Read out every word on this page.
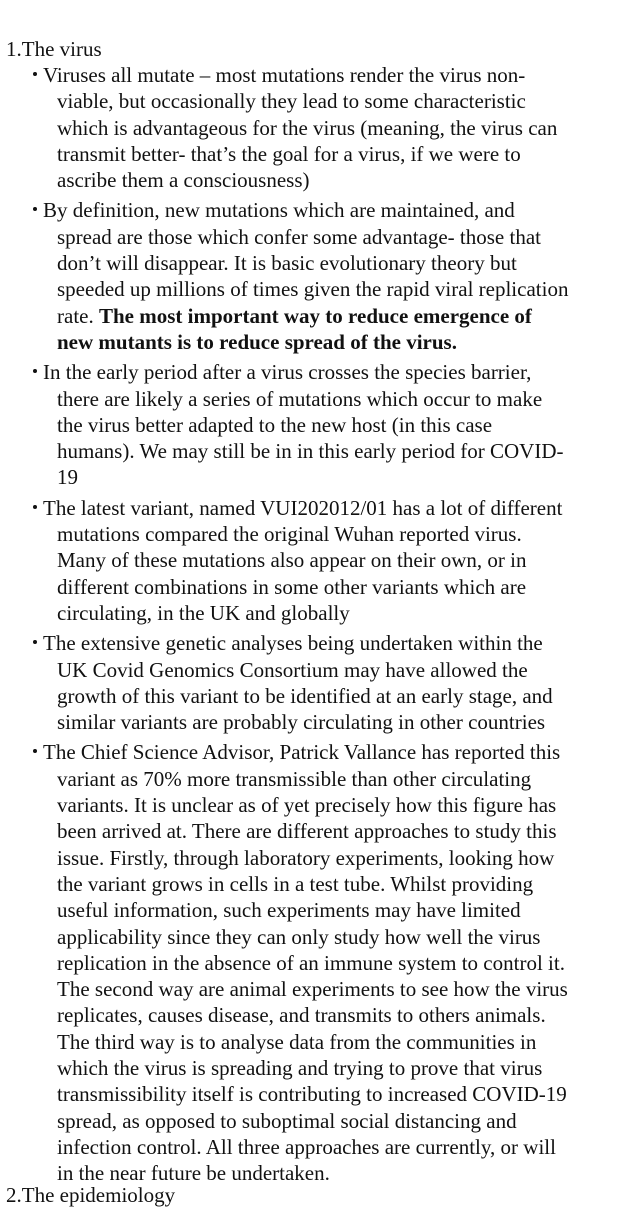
1.The virus
Viruses all mutate – most mutations render the virus non-
viable, but occasionally they lead to some characteristic
which is advantageous for the virus (meaning, the virus can
transmit better- that’s the goal for a virus, if we were to
ascribe them a consciousness)
By definition, new mutations which are maintained, and
spread are those which confer some advantage- those that
don’t will disappear. It is basic evolutionary theory but
speeded up millions of times given the rapid viral replication
rate. The most important way to reduce emergence of
new mutants is to reduce spread of the virus.
In the early period after a virus crosses the species barrier,
there are likely a series of mutations which occur to make
the virus better adapted to the new host (in this case
humans). We may still be in in this early period for COVID-
19
The latest variant, named VUI202012/01 has a lot of different
mutations compared the original Wuhan reported virus.
Many of these mutations also appear on their own, or in
different combinations in some other variants which are
circulating, in the UK and globally
The extensive genetic analyses being undertaken within the
UK Covid Genomics Consortium may have allowed the
growth of this variant to be identified at an early stage, and
similar variants are probably circulating in other countries
The Chief Science Advisor, Patrick Vallance has reported this
variant as 70% more transmissible than other circulating
variants. It is unclear as of yet precisely how this figure has
been arrived at. There are different approaches to study this
issue. Firstly, through laboratory experiments, looking how
the variant grows in cells in a test tube. Whilst providing
useful information, such experiments may have limited
applicability since they can only study how well the virus
replication in the absence of an immune system to control it.
The second way are animal experiments to see how the virus
replicates, causes disease, and transmits to others animals.
The third way is to analyse data from the communities in
which the virus is spreading and trying to prove that virus
transmissibility itself is contributing to increased COVID-19
spread, as opposed to suboptimal social distancing and
infection control. All three approaches are currently, or will
in the near future be undertaken.
2.The epidemiology
